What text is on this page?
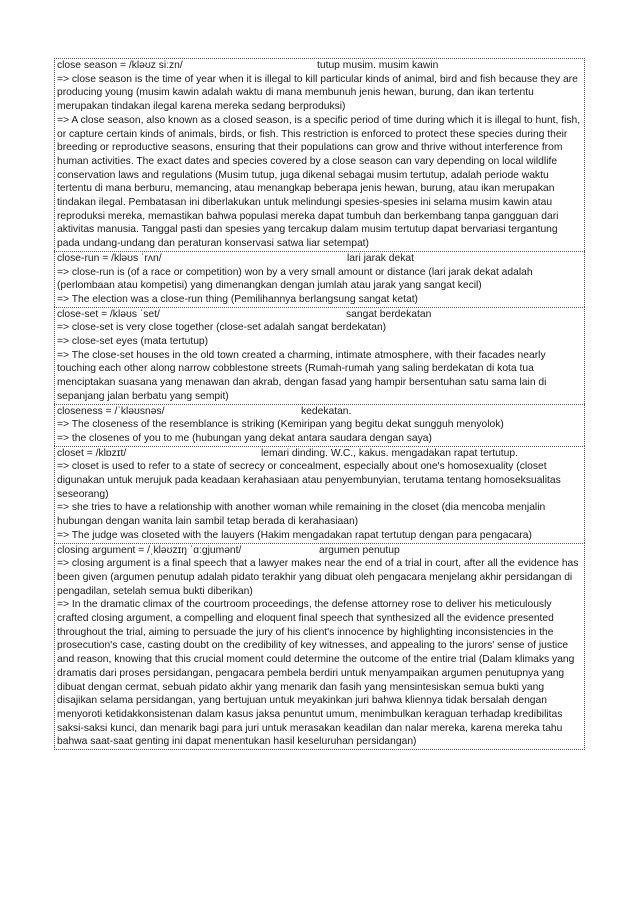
close season = /kləʊz siːzn/	tutup musim. musim kawin
=> close season is the time of year when it is illegal to kill particular kinds of animal, bird and fish because they are producing young (musim kawin adalah waktu di mana membunuh jenis hewan, burung, dan ikan tertentu merupakan tindakan ilegal karena mereka sedang berproduksi)
=> A close season, also known as a closed season, is a specific period of time during which it is illegal to hunt, fish, or capture certain kinds of animals, birds, or fish. This restriction is enforced to protect these species during their breeding or reproductive seasons, ensuring that their populations can grow and thrive without interference from human activities. The exact dates and species covered by a close season can vary depending on local wildlife conservation laws and regulations (Musim tutup, juga dikenal sebagai musim tertutup, adalah periode waktu tertentu di mana berburu, memancing, atau menangkap beberapa jenis hewan, burung, atau ikan merupakan tindakan ilegal. Pembatasan ini diberlakukan untuk melindungi spesies-spesies ini selama musim kawin atau reproduksi mereka, memastikan bahwa populasi mereka dapat tumbuh dan berkembang tanpa gangguan dari aktivitas manusia. Tanggal pasti dan spesies yang tercakup dalam musim tertutup dapat bervariasi tergantung pada undang-undang dan peraturan konservasi satwa liar setempat)
close-run = /kləʊs ˈrʌn/	lari jarak dekat
=> close-run is (of a race or competition) won by a very small amount or distance (lari jarak dekat adalah (perlombaan atau kompetisi) yang dimenangkan dengan jumlah atau jarak yang sangat kecil)
=> The election was a close-run thing (Pemilihannya berlangsung sangat ketat)
close-set = /kləʊs ˈset/	sangat berdekatan
=> close-set is very close together (close-set adalah sangat berdekatan)
=> close-set eyes (mata tertutup)
=> The close-set houses in the old town created a charming, intimate atmosphere, with their facades nearly touching each other along narrow cobblestone streets (Rumah-rumah yang saling berdekatan di kota tua menciptakan suasana yang menawan dan akrab, dengan fasad yang hampir bersentuhan satu sama lain di sepanjang jalan berbatu yang sempit)
closeness = /ˈkləʊsnəs/	kedekatan.
=> The closeness of the resemblance is striking (Kemiripan yang begitu dekat sungguh menyolok)
=> the closenes of you to me (hubungan yang dekat antara saudara dengan saya)
closet = /klɒzɪt/	lemari dinding. W.C., kakus. mengadakan rapat tertutup.
=> closet is used to refer to a state of secrecy or concealment, especially about one's homosexuality (closet digunakan untuk merujuk pada keadaan kerahasiaan atau penyembunyian, terutama tentang homoseksualitas seseorang)
=> she tries to have a relationship with another woman while remaining in the closet (dia mencoba menjalin hubungan dengan wanita lain sambil tetap berada di kerahasiaan)
=> The judge was closeted with the lauyers (Hakim mengadakan rapat tertutup dengan para pengacara)
closing argument = /ˌkləʊzɪŋ ˈɑːɡjumənt/	argumen penutup
=> closing argument is a final speech that a lawyer makes near the end of a trial in court, after all the evidence has been given (argumen penutup adalah pidato terakhir yang dibuat oleh pengacara menjelang akhir persidangan di pengadilan, setelah semua bukti diberikan)
=> In the dramatic climax of the courtroom proceedings, the defense attorney rose to deliver his meticulously crafted closing argument, a compelling and eloquent final speech that synthesized all the evidence presented throughout the trial, aiming to persuade the jury of his client's innocence by highlighting inconsistencies in the prosecution's case, casting doubt on the credibility of key witnesses, and appealing to the jurors' sense of justice and reason, knowing that this crucial moment could determine the outcome of the entire trial (Dalam klimaks yang dramatis dari proses persidangan, pengacara pembela berdiri untuk menyampaikan argumen penutupnya yang dibuat dengan cermat, sebuah pidato akhir yang menarik dan fasih yang mensintesiskan semua bukti yang disajikan selama persidangan, yang bertujuan untuk meyakinkan juri bahwa kliennya tidak bersalah dengan menyoroti ketidakkonsistenan dalam kasus jaksa penuntut umum, menimbulkan keraguan terhadap kredibilitas saksi-saksi kunci, dan menarik bagi para juri untuk merasakan keadilan dan nalar mereka, karena mereka tahu bahwa saat-saat genting ini dapat menentukan hasil keseluruhan persidangan)
